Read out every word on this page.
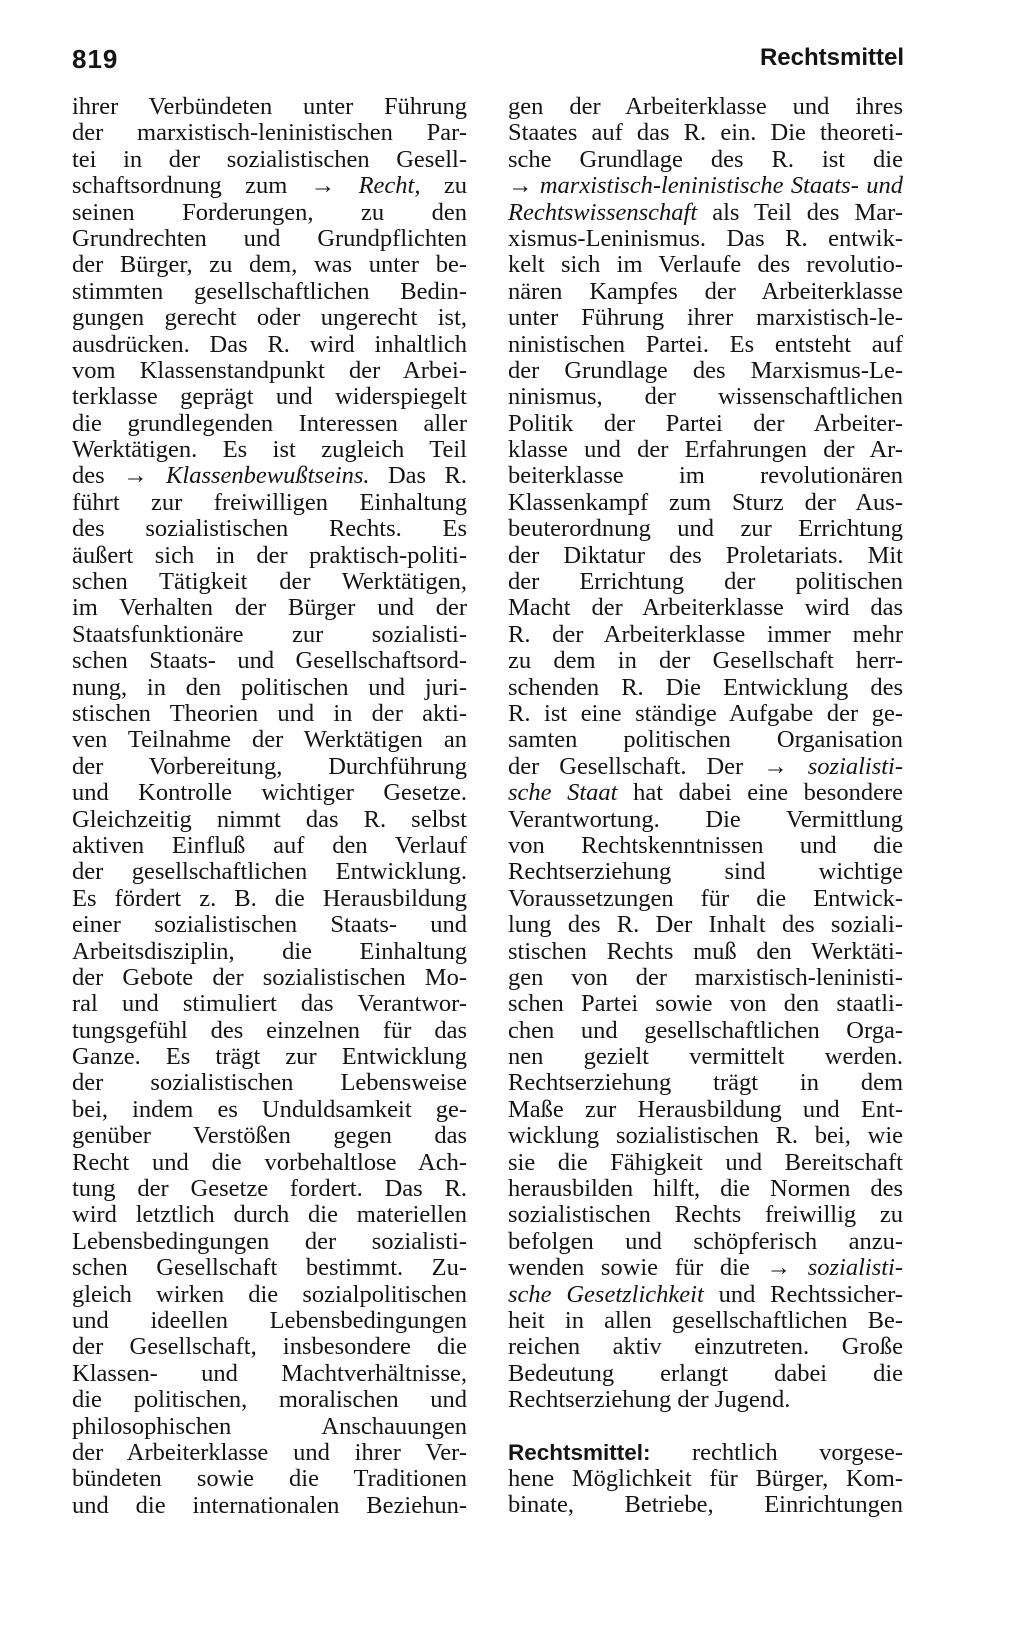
819	Rechtsmittel
ihrer Verbündeten unter Führung
der marxistisch-leninistischen Par-
tei in der sozialistischen Gesell-
schaftsordnung zum → Recht, zu
seinen Forderungen, zu den
Grundrechten und Grundpflichten
der Bürger, zu dem, was unter be-
stimmten gesellschaftlichen Bedin-
gungen gerecht oder ungerecht ist,
ausdrücken. Das R. wird inhaltlich
vom Klassenstandpunkt der Arbei-
terklasse geprägt und widerspiegelt
die grundlegenden Interessen aller
Werktätigen. Es ist zugleich Teil
des → Klassenbewußtseins. Das R.
führt zur freiwilligen Einhaltung
des sozialistischen Rechts. Es
äußert sich in der praktisch-politi-
schen Tätigkeit der Werktätigen,
im Verhalten der Bürger und der
Staatsfunktionäre zur sozialisti-
schen Staats- und Gesellschaftsord-
nung, in den politischen und juri-
stischen Theorien und in der akti-
ven Teilnahme der Werktätigen an
der Vorbereitung, Durchführung
und Kontrolle wichtiger Gesetze.
Gleichzeitig nimmt das R. selbst
aktiven Einfluß auf den Verlauf
der gesellschaftlichen Entwicklung.
Es fördert z. B. die Herausbildung
einer sozialistischen Staats- und
Arbeitsdisziplin, die Einhaltung
der Gebote der sozialistischen Mo-
ral und stimuliert das Verantwor-
tungsgefühl des einzelnen für das
Ganze. Es trägt zur Entwicklung
der sozialistischen Lebensweise
bei, indem es Unduldsamkeit ge-
genüber Verstößen gegen das
Recht und die vorbehaltlose Ach-
tung der Gesetze fordert. Das R.
wird letztlich durch die materiellen
Lebensbedingungen der sozialisti-
schen Gesellschaft bestimmt. Zu-
gleich wirken die sozialpolitischen
und ideellen Lebensbedingungen
der Gesellschaft, insbesondere die
Klassen- und Machtverhältnisse,
die politischen, moralischen und
philosophischen Anschauungen
der Arbeiterklasse und ihrer Ver-
bündeten sowie die Traditionen
und die internationalen Beziehun-
gen der Arbeiterklasse und ihres
Staates auf das R. ein. Die theoreti-
sche Grundlage des R. ist die
→ marxistisch-leninistische Staats- und
Rechtswissenschaft als Teil des Mar-
xismus-Leninismus. Das R. entwik-
kelt sich im Verlaufe des revolutio-
nären Kampfes der Arbeiterklasse
unter Führung ihrer marxistisch-le-
ninistischen Partei. Es entsteht auf
der Grundlage des Marxismus-Le-
ninismus, der wissenschaftlichen
Politik der Partei der Arbeiter-
klasse und der Erfahrungen der Ar-
beiterklasse im revolutionären
Klassenkampf zum Sturz der Aus-
beuterordnung und zur Errichtung
der Diktatur des Proletariats. Mit
der Errichtung der politischen
Macht der Arbeiterklasse wird das
R. der Arbeiterklasse immer mehr
zu dem in der Gesellschaft herr-
schenden R. Die Entwicklung des
R. ist eine ständige Aufgabe der ge-
samten politischen Organisation
der Gesellschaft. Der → sozialisti-
sche Staat hat dabei eine besondere
Verantwortung. Die Vermittlung
von Rechtskenntnissen und die
Rechtserziehung sind wichtige
Voraussetzungen für die Entwick-
lung des R. Der Inhalt des soziali-
stischen Rechts muß den Werktäti-
gen von der marxistisch-leninisti-
schen Partei sowie von den staatli-
chen und gesellschaftlichen Orga-
nen gezielt vermittelt werden.
Rechtserziehung trägt in dem
Maße zur Herausbildung und Ent-
wicklung sozialistischen R. bei, wie
sie die Fähigkeit und Bereitschaft
herausbilden hilft, die Normen des
sozialistischen Rechts freiwillig zu
befolgen und schöpferisch anzu-
wenden sowie für die → sozialisti-
sche Gesetzlichkeit und Rechtssicher-
heit in allen gesellschaftlichen Be-
reichen aktiv einzutreten. Große
Bedeutung erlangt dabei die
Rechtserziehung der Jugend.
Rechtsmittel: rechtlich vorgese-
hene Möglichkeit für Bürger, Kom-
binate, Betriebe, Einrichtungen
